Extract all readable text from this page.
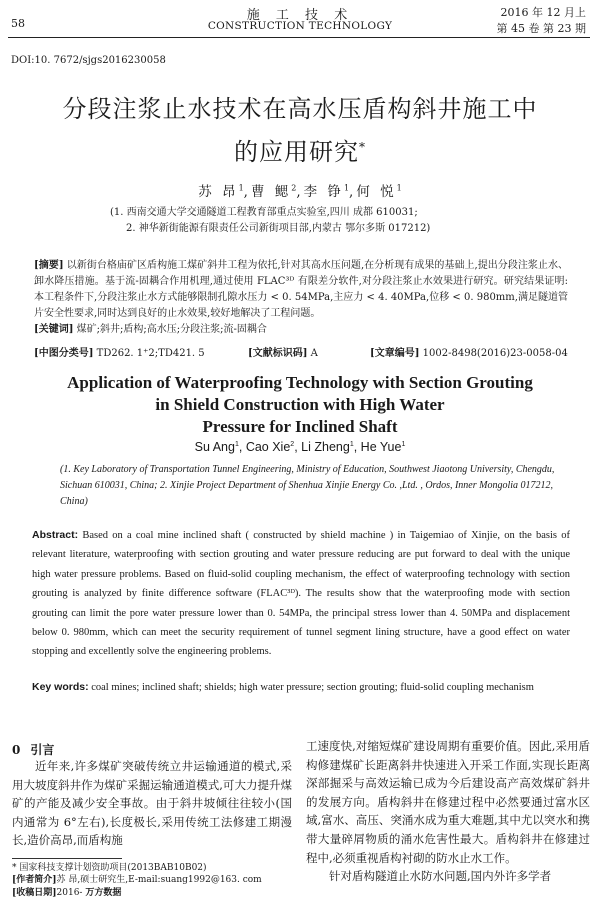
58
施 工 技 术
CONSTRUCTION TECHNOLOGY
2016 年 12 月上
第 45 卷 第 23 期
DOI:10. 7672/sjgs2016230058
分段注浆止水技术在高水压盾构斜井施工中
的应用研究*
苏 昂$^1$,曹 鳃$^2$,李 铮$^1$,何 悦$^1$
(1. 西南交通大学交通隧道工程教育部重点实验室,四川 成都 610031;
2. 神华新街能源有限责任公司新街项目部,内蒙古 鄂尔多斯 017212)
[摘要] 以新街台格庙矿区盾构施工煤矿斜井工程为依托,针对其高水压问题,在分析现有成果的基础上,提出分段注浆止水、卸水降压措施。基于流-固耦合作用机理,通过使用 FLAC³ᴰ 有限差分软件,对分段注浆止水效果进行研究。研究结果证明:本工程条件下,分段注浆止水方式能够限制孔隙水压力 < 0. 54MPa,主应力 < 4. 40MPa,位移 < 0. 980mm,满足隧道管片安全性要求,同时达到良好的止水效果,较好地解决了工程问题。
[关键词] 煤矿;斜井;盾构;高水压;分段注浆;流-固耦合
[中图分类号] TD262. 1⁺2;TD421. 5	[文献标识码] A	[文章编号] 1002-8498(2016)23-0058-04
Application of Waterproofing Technology with Section Grouting
in Shield Construction with High Water
Pressure for Inclined Shaft
Su Ang$^1$, Cao Xie$^2$, Li Zheng$^1$, He Yue$^1$
(1. Key Laboratory of Transportation Tunnel Engineering, Ministry of Education, Southwest Jiaotong University, Chengdu, Sichuan 610031, China; 2. Xinjie Project Department of Shenhua Xinjie Energy Co. ,Ltd. , Ordos, Inner Mongolia 017212, China)
Abstract: Based on a coal mine inclined shaft ( constructed by shield machine ) in Taigemiao of Xinjie, on the basis of relevant literature, waterproofing with section grouting and water pressure reducing are put forward to deal with the unique high water pressure problems. Based on fluid-solid coupling mechanism, the effect of waterproofing technology with section grouting is analyzed by finite difference software (FLAC³ᴰ). The results show that the waterproofing mode with section grouting can limit the pore water pressure lower than 0. 54MPa, the principal stress lower than 4. 50MPa and displacement below 0. 980mm, which can meet the security requirement of tunnel segment lining structure, have a good effect on water stopping and excellently solve the engineering problems.
Key words: coal mines; inclined shaft; shields; high water pressure; section grouting; fluid-solid coupling mechanism
0 引言
近年来,许多煤矿突破传统立井运输通道的模式,采用大坡度斜井作为煤矿采掘运输通道模式,可大力提升煤矿的产能及减少安全事故。由于斜井坡倾往往较小(国内通常为 6°左右),长度极长,采用传统工法修建工期漫长,造价高昂,而盾构施
工速度快,对缩短煤矿建设周期有重要价值。因此,采用盾构修建煤矿长距离斜井快速进入开采工作面,实现长距离深部掘采与高效运输已成为今后建设高产高效煤矿斜井的发展方向。盾构斜井在修建过程中必然要通过富水区域,富水、高压、突涌水成为重大难题,其中尤以突水和携带大量碎屑物质的涌水危害性最大。盾构斜井在修建过程中,必须重视盾构衬砌的防水止水工作。
针对盾构隧道止水防水问题,国内外许多学者
* 国家科技支撑计划资助项目(2013BAB10B02)
[作者简介]苏 昂,硕士研究生,E-mail:suang1992@163. com
[收稿日期]2016- 万方数据
